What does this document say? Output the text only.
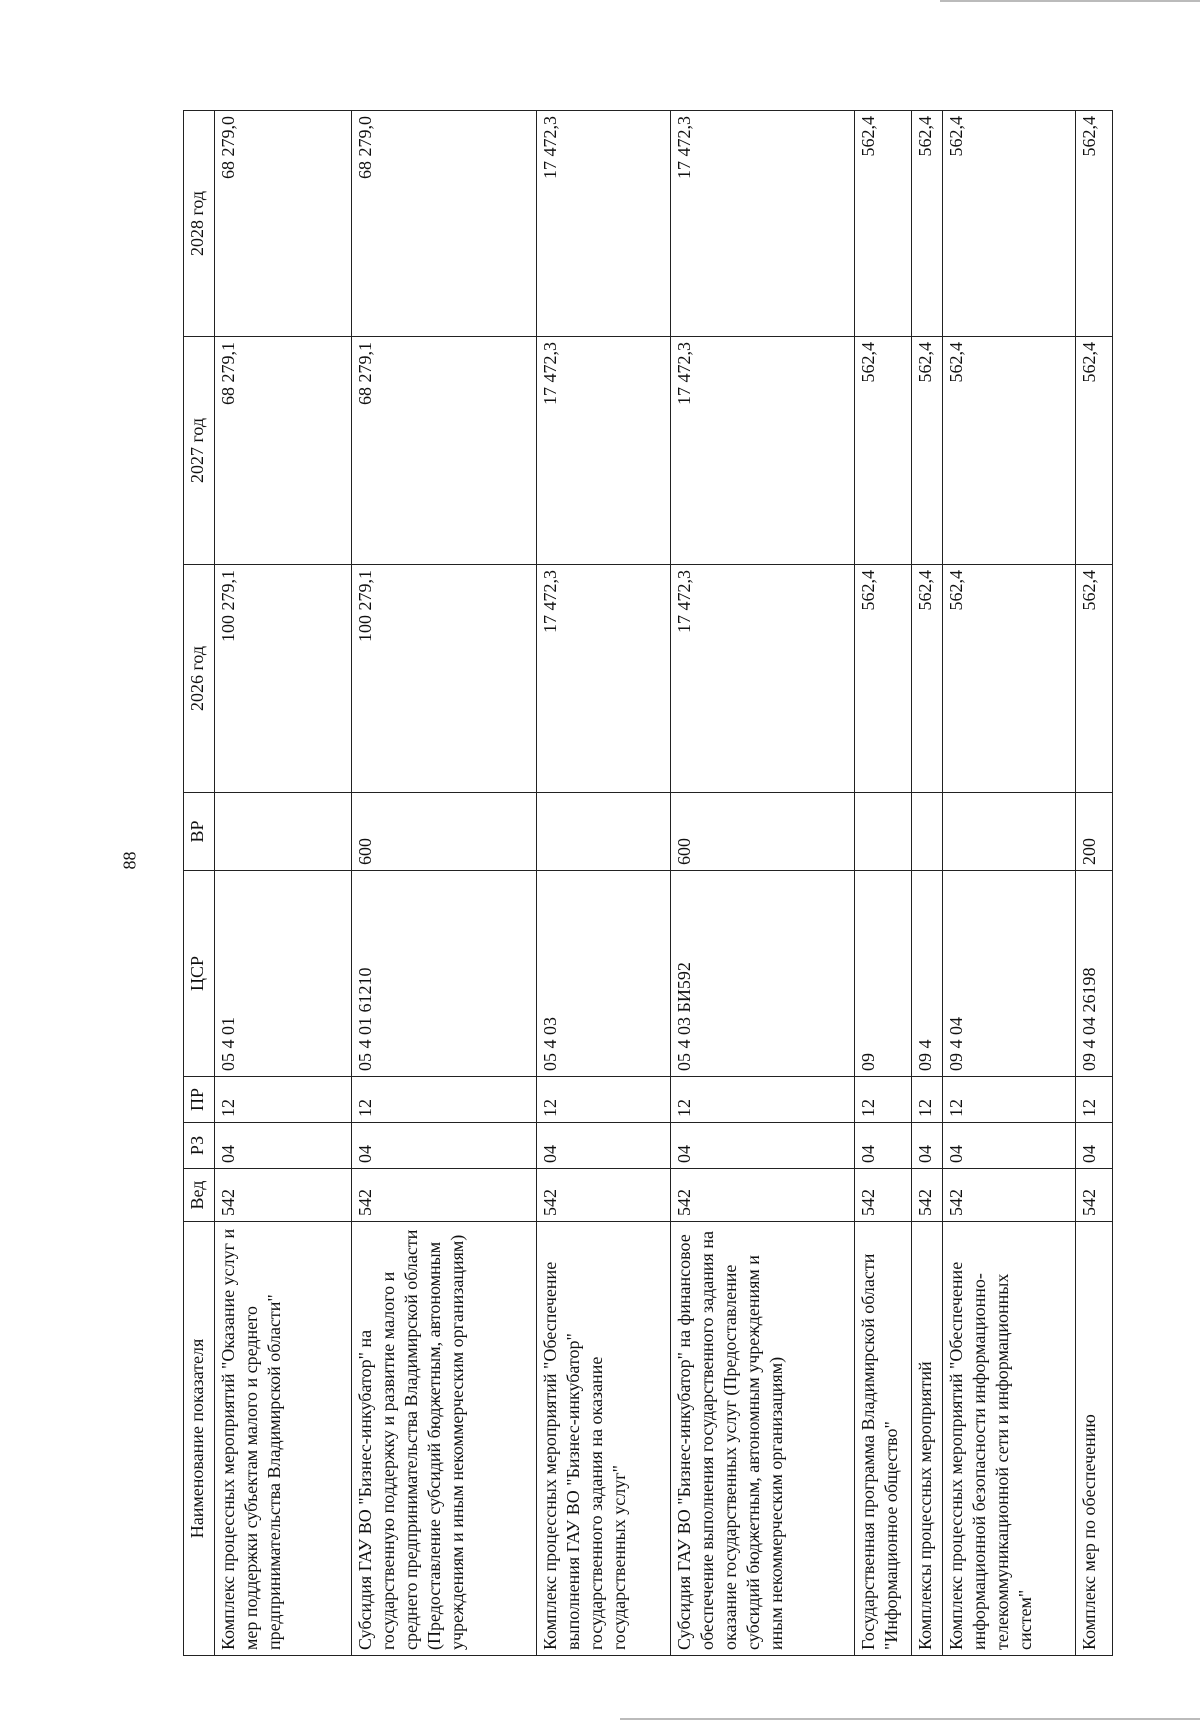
88
Наименование показателя	Вед	РЗ	ПР	ЦСР	ВР	2026 год	2027 год	2028 год
Комплекс процессных мероприятий "Оказание услуг и мер поддержки субъектам малого и среднего предпринимательства Владимирской области"	542	04	12	05 4 01		100 279,1	68 279,1	68 279,0
Субсидия ГАУ ВО "Бизнес-инкубатор" на государственную поддержку и развитие малого и среднего предпринимательства Владимирской области (Предоставление субсидий бюджетным, автономным учреждениям и иным некоммерческим организациям)	542	04	12	05 4 01 61210	600	100 279,1	68 279,1	68 279,0
Комплекс процессных мероприятий "Обеспечение выполнения ГАУ ВО "Бизнес-инкубатор" государственного задания на оказание государственных услуг"	542	04	12	05 4 03		17 472,3	17 472,3	17 472,3
Субсидия ГАУ ВО "Бизнес-инкубатор" на финансовое обеспечение выполнения государственного задания на оказание государственных услуг (Предоставление субсидий бюджетным, автономным учреждениям и иным некоммерческим организациям)	542	04	12	05 4 03 БИ592	600	17 472,3	17 472,3	17 472,3
Государственная программа Владимирской области "Информационное общество"	542	04	12	09		562,4	562,4	562,4
Комплексы процессных мероприятий	542	04	12	09 4		562,4	562,4	562,4
Комплекс процессных мероприятий "Обеспечение информационной безопасности информационно-телекоммуникационной сети и информационных систем"	542	04	12	09 4 04		562,4	562,4	562,4
Комплекс мер по обеспечению	542	04	12	09 4 04 26198	200	562,4	562,4	562,4
